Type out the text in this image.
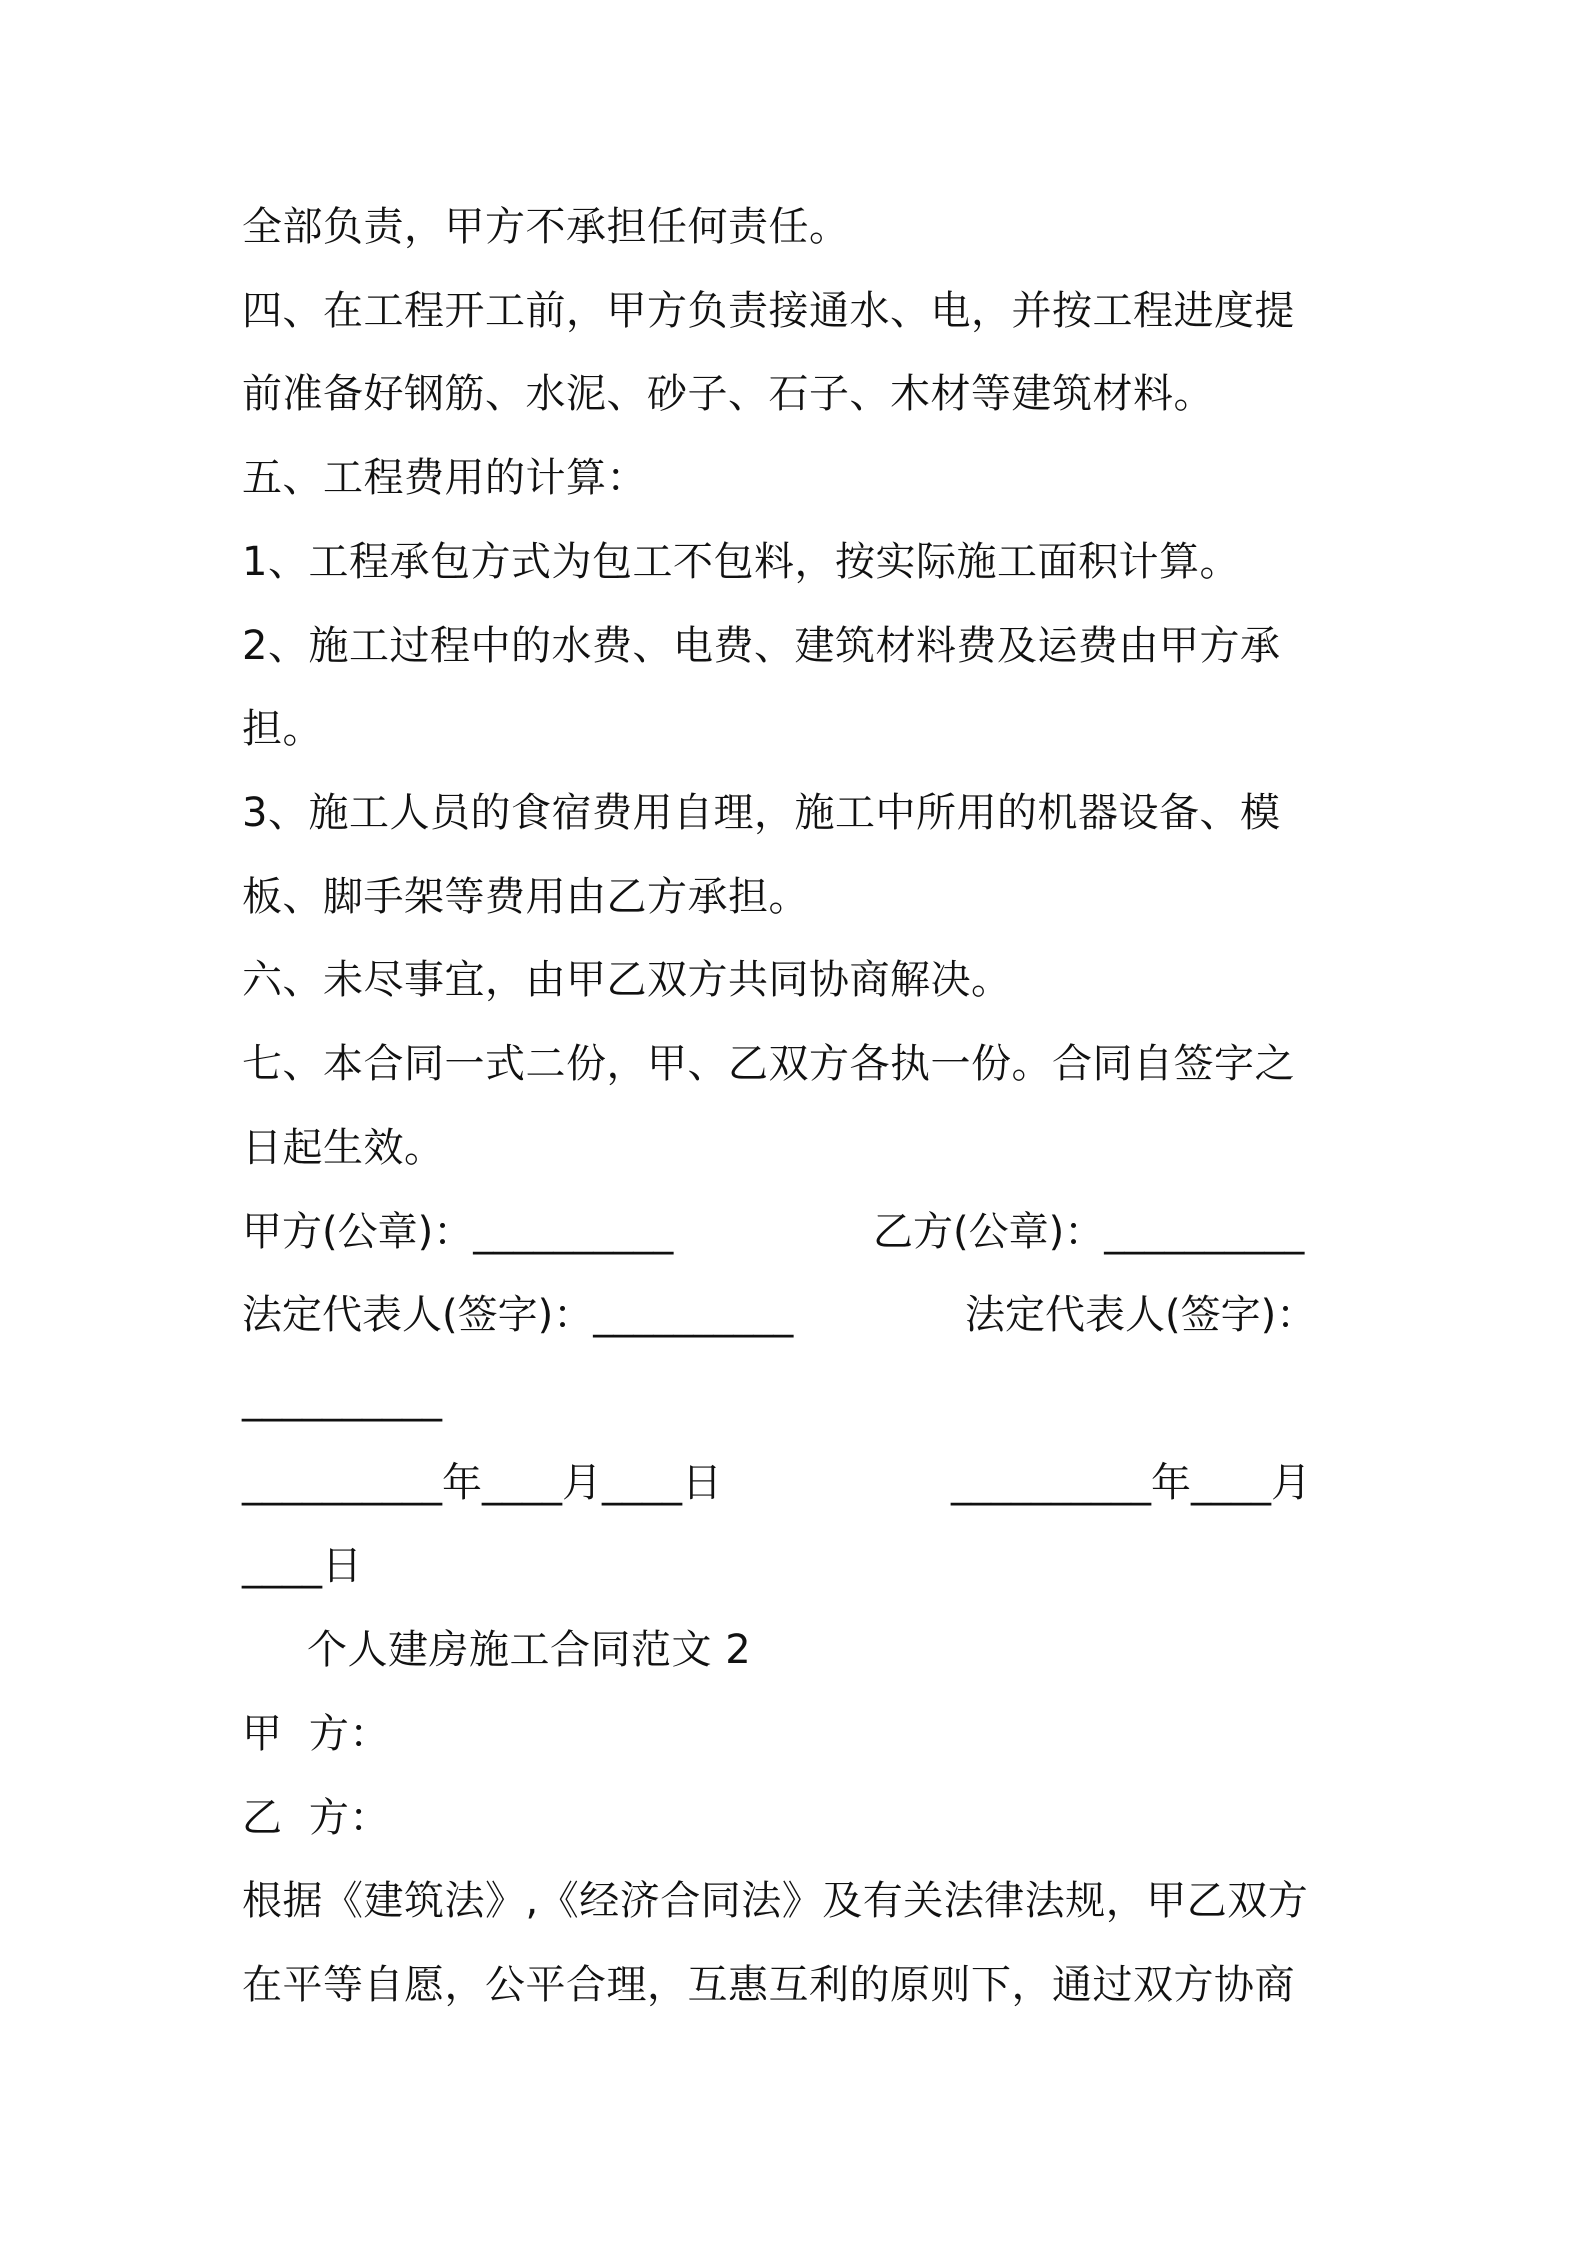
全部负责，甲方不承担任何责任。
四、在工程开工前，甲方负责接通水、电，并按工程进度提
前准备好钢筋、水泥、砂子、石子、木材等建筑材料。
五、工程费用的计算：
1、工程承包方式为包工不包料，按实际施工面积计算。
2、施工过程中的水费、电费、建筑材料费及运费由甲方承
担。
3、施工人员的食宿费用自理，施工中所用的机器设备、模
板、脚手架等费用由乙方承担。
六、未尽事宜，由甲乙双方共同协商解决。
七、本合同一式二份，甲、乙双方各执一份。合同自签字之
日起生效。
甲方(公章)：__________	乙方(公章)：__________
法定代表人(签字)：__________	法定代表人(签字)：
__________
__________年____月____日	__________年____月
____日
个人建房施工合同范文 2
甲  方：
乙  方：
根据《建筑法》,《经济合同法》及有关法律法规，甲乙双方
在平等自愿，公平合理，互惠互利的原则下，通过双方协商
